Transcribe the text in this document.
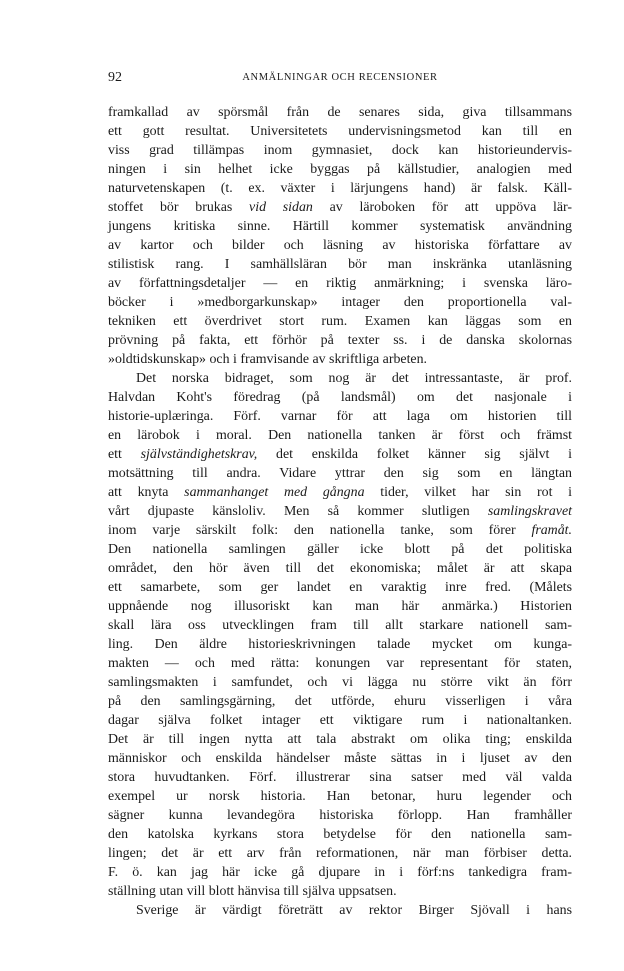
92	ANMÄLNINGAR OCH RECENSIONER
framkallad av spörsmål från de senares sida, giva tillsammans
ett gott resultat. Universitetets undervisningsmetod kan till en
viss grad tillämpas inom gymnasiet, dock kan historieundervis-
ningen i sin helhet icke byggas på källstudier, analogien med
naturvetenskapen (t. ex. växter i lärjungens hand) är falsk. Käll-
stoffet bör brukas vid sidan av läroboken för att uppöva lär-
jungens kritiska sinne. Härtill kommer systematisk användning
av kartor och bilder och läsning av historiska författare av
stilistisk rang. I samhällsläran bör man inskränka utanläsning
av författningsdetaljer — en riktig anmärkning; i svenska läro-
böcker i »medborgarkunskap» intager den proportionella val-
tekniken ett överdrivet stort rum. Examen kan läggas som en
prövning på fakta, ett förhör på texter ss. i de danska skolornas
»oldtidskunskap» och i framvisande av skriftliga arbeten.
Det norska bidraget, som nog är det intressantaste, är prof.
Halvdan Koht's föredrag (på landsmål) om det nasjonale i
historie-uplæringa. Förf. varnar för att laga om historien till
en lärobok i moral. Den nationella tanken är först och främst
ett självständighetskrav, det enskilda folket känner sig självt i
motsättning till andra. Vidare yttrar den sig som en längtan
att knyta sammanhanget med gångna tider, vilket har sin rot i
vårt djupaste känsloliv. Men så kommer slutligen samlingskravet
inom varje särskilt folk: den nationella tanke, som förer framåt.
Den nationella samlingen gäller icke blott på det politiska
området, den hör även till det ekonomiska; målet är att skapa
ett samarbete, som ger landet en varaktig inre fred. (Målets
uppnående nog illusoriskt kan man här anmärka.) Historien
skall lära oss utvecklingen fram till allt starkare nationell sam-
ling. Den äldre historieskrivningen talade mycket om kunga-
makten — och med rätta: konungen var representant för staten,
samlingsmakten i samfundet, och vi lägga nu större vikt än förr
på den samlingsgärning, det utförde, ehuru visserligen i våra
dagar själva folket intager ett viktigare rum i nationaltanken.
Det är till ingen nytta att tala abstrakt om olika ting; enskilda
människor och enskilda händelser måste sättas in i ljuset av den
stora huvudtanken. Förf. illustrerar sina satser med väl valda
exempel ur norsk historia. Han betonar, huru legender och
sägner kunna levandegöra historiska förlopp. Han framhåller
den katolska kyrkans stora betydelse för den nationella sam-
lingen; det är ett arv från reformationen, när man förbiser detta.
F. ö. kan jag här icke gå djupare in i förf:ns tankedigra fram-
ställning utan vill blott hänvisa till själva uppsatsen.
Sverige är värdigt företrätt av rektor Birger Sjövall i hans
